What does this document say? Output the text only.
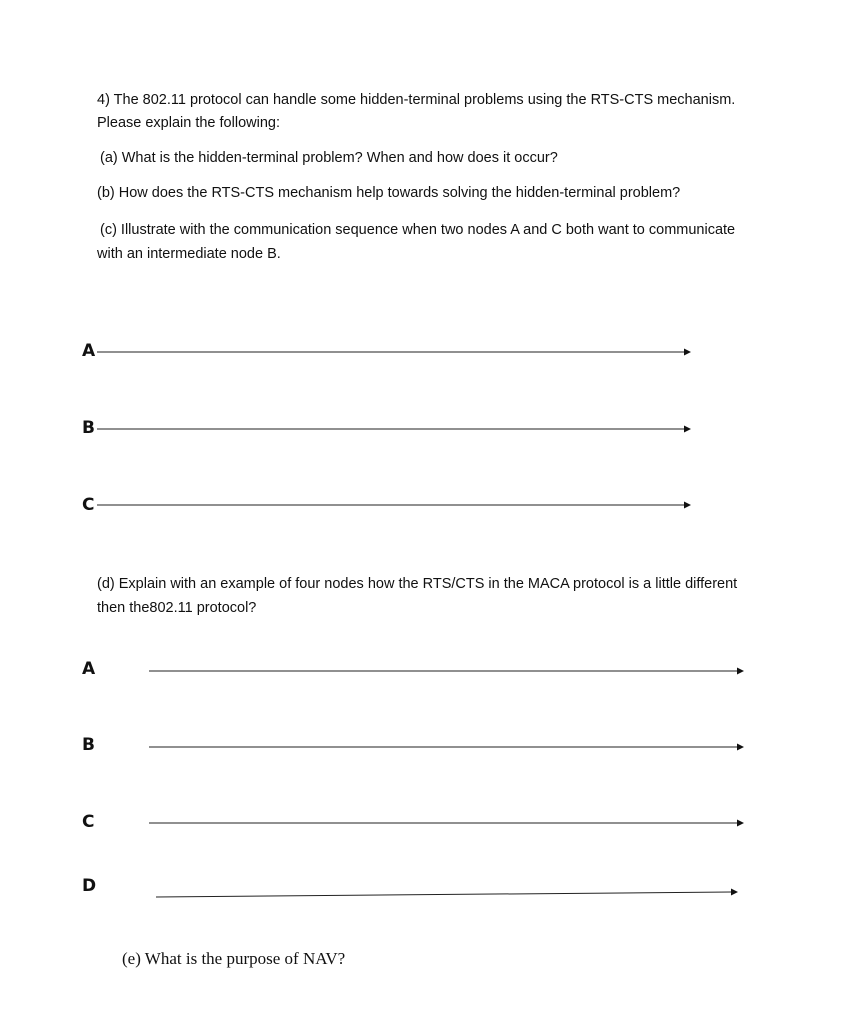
4) The 802.11 protocol can handle some hidden-terminal problems using the RTS-CTS mechanism.
Please explain the following:
(a) What is the hidden-terminal problem? When and how does it occur?
(b) How does the RTS-CTS mechanism help towards solving the hidden-terminal problem?
(c) Illustrate with the communication sequence when two nodes A and C both want to communicate
with an intermediate node B.
A
B
C
(d) Explain with an example of four nodes how the RTS/CTS in the MACA protocol is a little different
then the802.11 protocol?
A
B
C
D
(e) What is the purpose of NAV?
